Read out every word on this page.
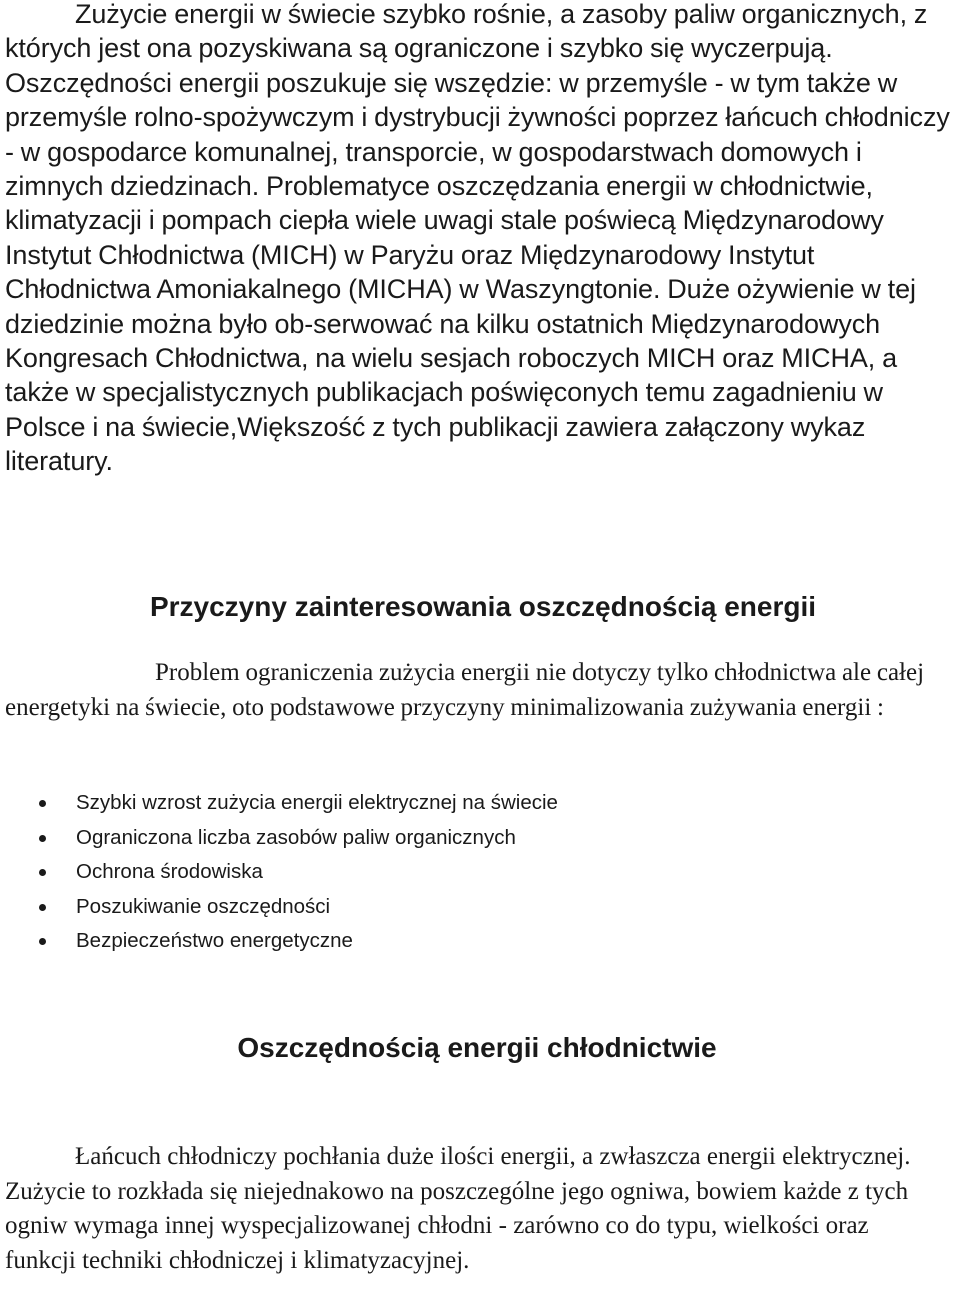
Zużycie energii w świecie szybko rośnie, a zasoby paliw organicznych, z których jest ona pozyskiwana są ograniczone i szybko się wyczerpują. Oszczędności energii poszukuje się wszędzie: w przemyśle - w tym także w przemyśle rolno-spożywczym i dystrybucji żywności poprzez łańcuch chłodniczy - w gospodarce komunalnej, transporcie, w gospodarstwach domowych i zimnych dziedzinach. Problematyce oszczędzania energii w chłodnictwie, klimatyzacji i pompach ciepła wiele uwagi stale poświecą Międzynarodowy Instytut Chłodnictwa (MICH) w Paryżu oraz Międzynarodowy Instytut Chłodnictwa Amoniakalnego (MICHA) w Waszyngtonie. Duże ożywienie w tej dziedzinie można było ob-serwować na kilku ostatnich Międzynarodowych Kongresach Chłodnictwa, na wielu sesjach roboczych MICH oraz MICHA, a także w specjalistycznych publikacjach poświęconych temu zagadnieniu w Polsce i na świecie,Większość z tych publikacji zawiera załączony wykaz literatury.

Przyczyny zainteresowania oszczędnością energii

Problem ograniczenia zużycia energii nie dotyczy tylko chłodnictwa ale całej energetyki na świecie, oto podstawowe przyczyny minimalizowania zużywania energii :

Szybki wzrost zużycia energii elektrycznej na świecie
Ograniczona liczba zasobów paliw organicznych
Ochrona środowiska
Poszukiwanie oszczędności
Bezpieczeństwo energetyczne
Oszczędnością energii chłodnictwie

Łańcuch chłodniczy pochłania duże ilości energii, a zwłaszcza energii elektrycznej. Zużycie to rozkłada się niejednakowo na poszczególne jego ogniwa, bowiem każde z tych ogniw wymaga innej wyspecjalizowanej chłodni - zarówno co do typu, wielkości oraz funkcji techniki chłodniczej i klimatyzacyjnej.
